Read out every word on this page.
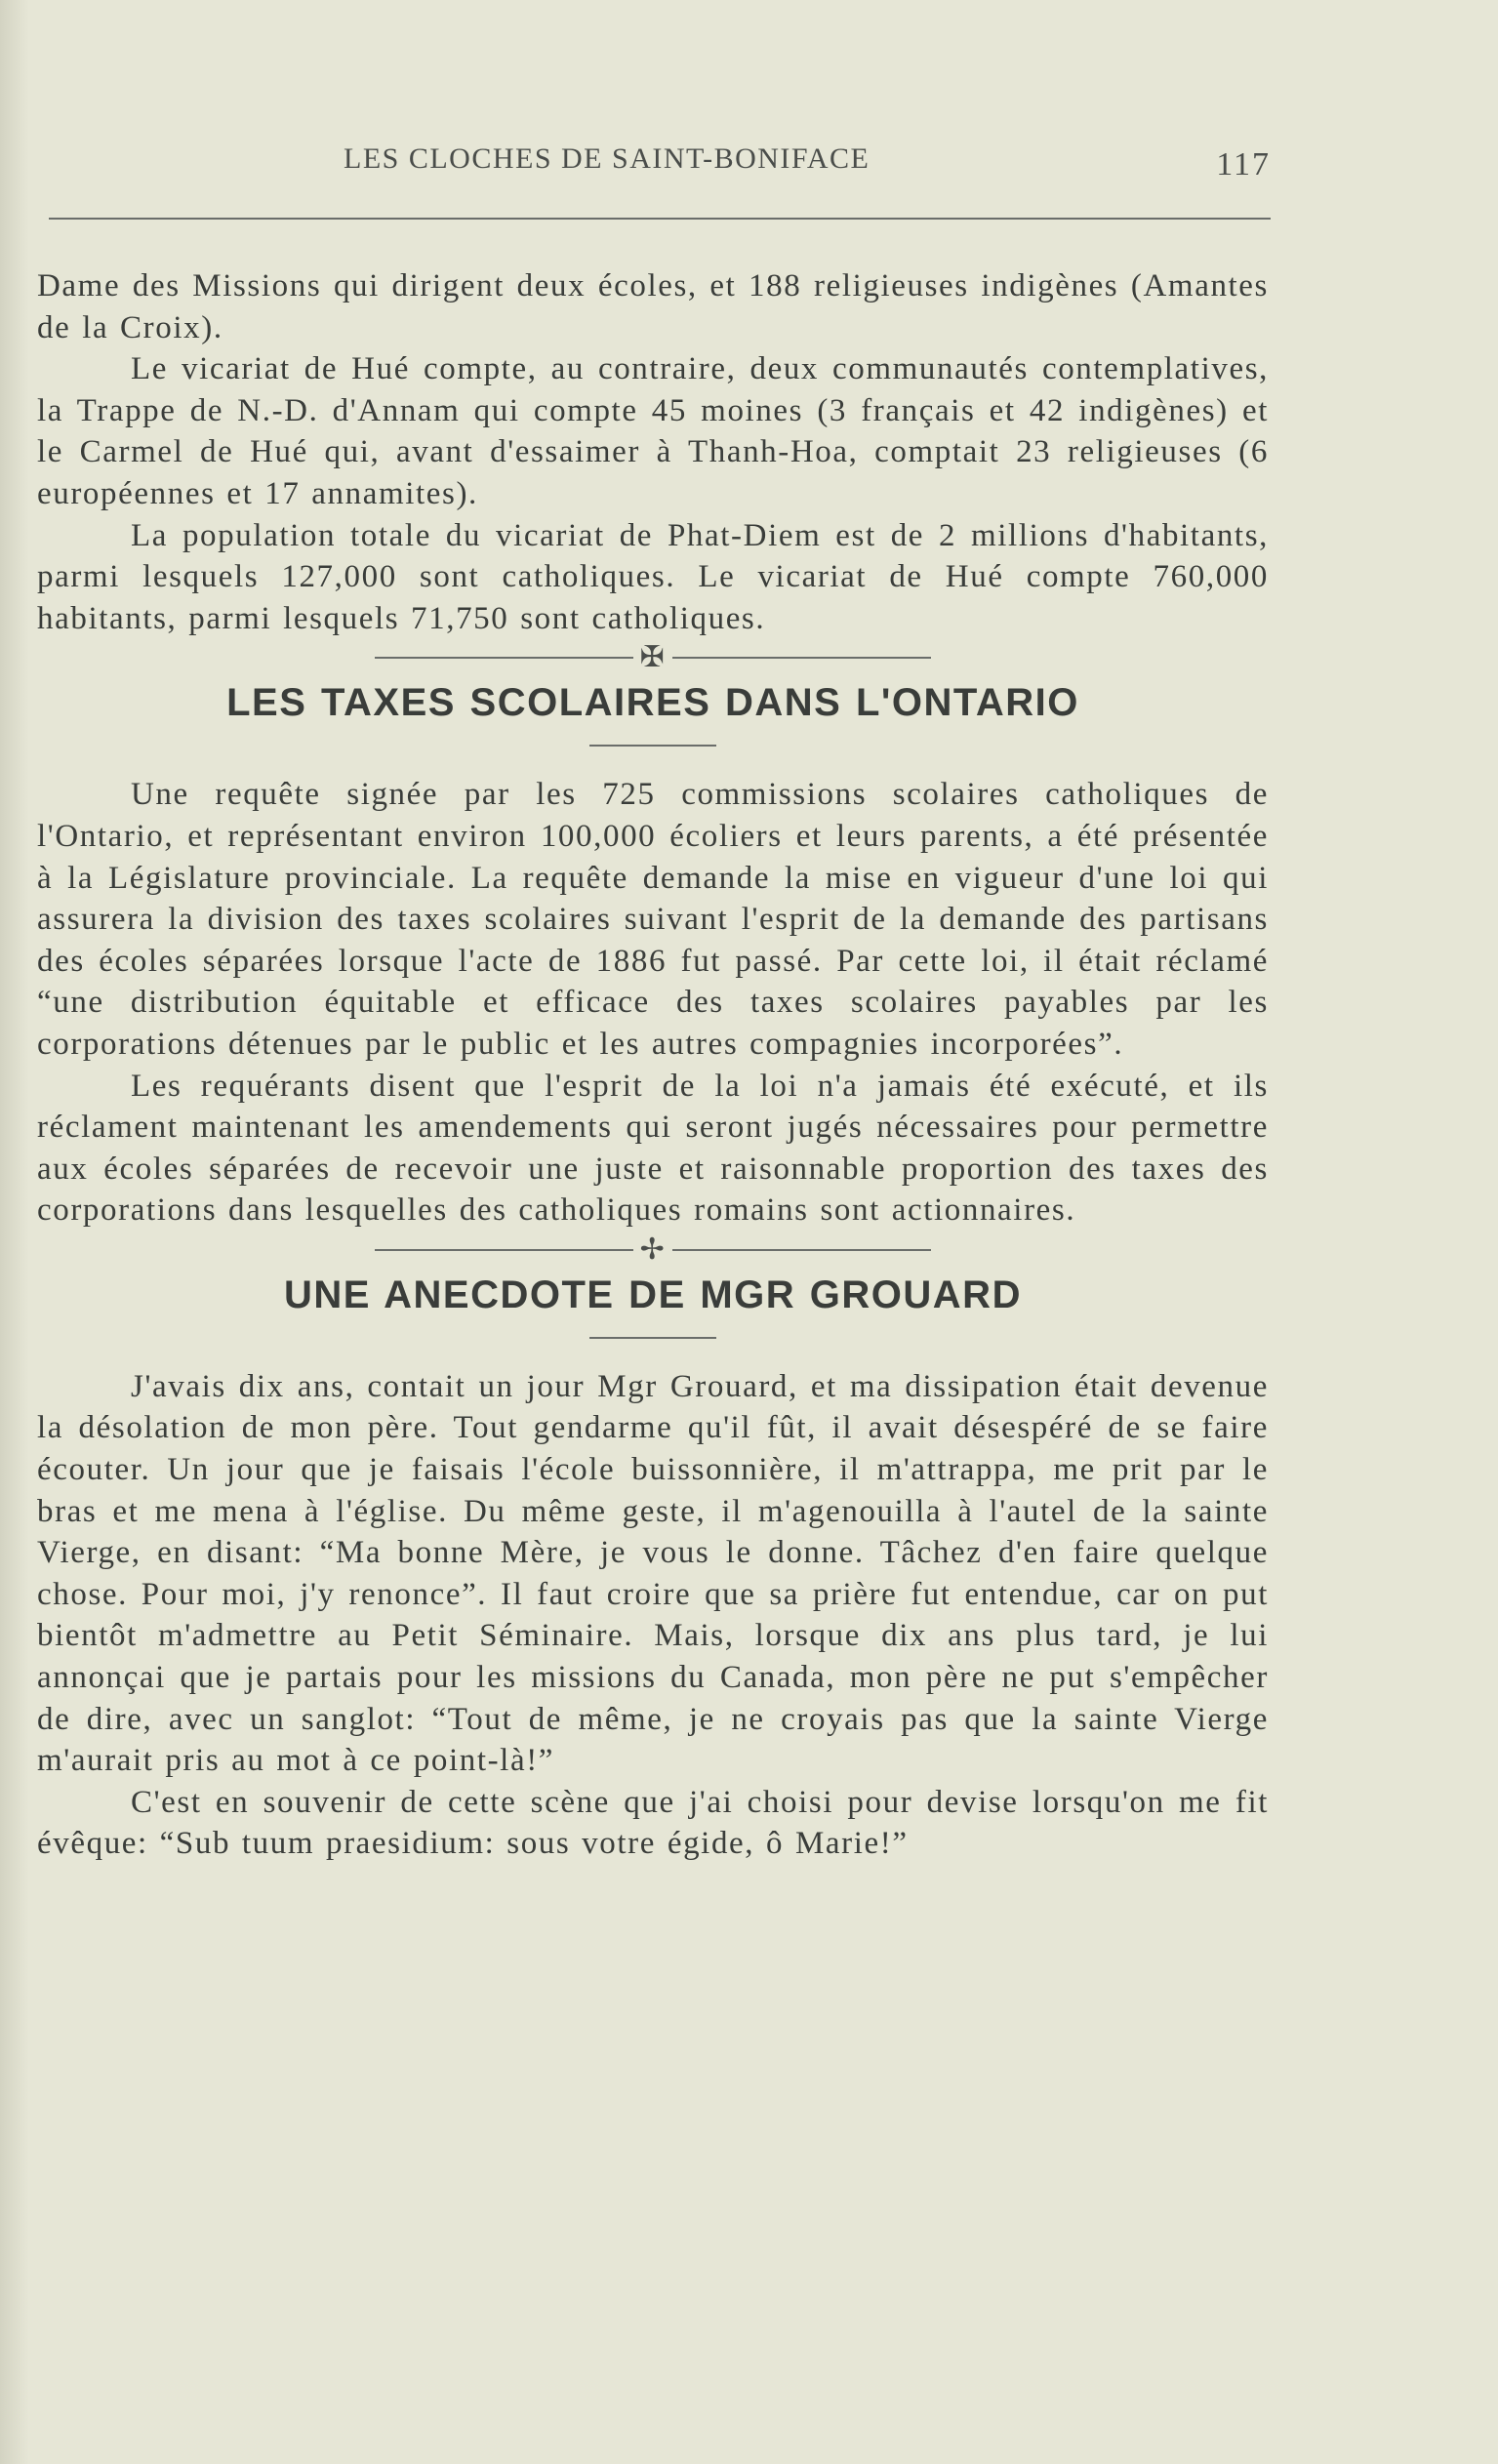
LES CLOCHES DE SAINT-BONIFACE	117

Dame des Missions qui dirigent deux écoles, et 188 religieuses indigènes (Amantes de la Croix).

Le vicariat de Hué compte, au contraire, deux communautés contemplatives, la Trappe de N.-D. d'Annam qui compte 45 moines (3 français et 42 indigènes) et le Carmel de Hué qui, avant d'essaimer à Thanh-Hoa, comptait 23 religieuses (6 européennes et 17 annamites).

La population totale du vicariat de Phat-Diem est de 2 millions d'habitants, parmi lesquels 127,000 sont catholiques. Le vicariat de Hué compte 760,000 habitants, parmi lesquels 71,750 sont catholiques.

✠
LES TAXES SCOLAIRES DANS L'ONTARIO

Une requête signée par les 725 commissions scolaires catholiques de l'Ontario, et représentant environ 100,000 écoliers et leurs parents, a été présentée à la Législature provinciale. La requête demande la mise en vigueur d'une loi qui assurera la division des taxes scolaires suivant l'esprit de la demande des partisans des écoles séparées lorsque l'acte de 1886 fut passé. Par cette loi, il était réclamé “une distribution équitable et efficace des taxes scolaires payables par les corporations détenues par le public et les autres compagnies incorporées”.

Les requérants disent que l'esprit de la loi n'a jamais été exécuté, et ils réclament maintenant les amendements qui seront jugés nécessaires pour permettre aux écoles séparées de recevoir une juste et raisonnable proportion des taxes des corporations dans lesquelles des catholiques romains sont actionnaires.

✢
UNE ANECDOTE DE MGR GROUARD

J'avais dix ans, contait un jour Mgr Grouard, et ma dissipation était devenue la désolation de mon père. Tout gendarme qu'il fût, il avait désespéré de se faire écouter. Un jour que je faisais l'école buissonnière, il m'attrappa, me prit par le bras et me mena à l'église. Du même geste, il m'agenouilla à l'autel de la sainte Vierge, en disant: “Ma bonne Mère, je vous le donne. Tâchez d'en faire quelque chose. Pour moi, j'y renonce”. Il faut croire que sa prière fut entendue, car on put bientôt m'admettre au Petit Séminaire. Mais, lorsque dix ans plus tard, je lui annonçai que je partais pour les missions du Canada, mon père ne put s'empêcher de dire, avec un sanglot: “Tout de même, je ne croyais pas que la sainte Vierge m'aurait pris au mot à ce point-là!”

C'est en souvenir de cette scène que j'ai choisi pour devise lorsqu'on me fit évêque: “Sub tuum praesidium: sous votre égide, ô Marie!”
